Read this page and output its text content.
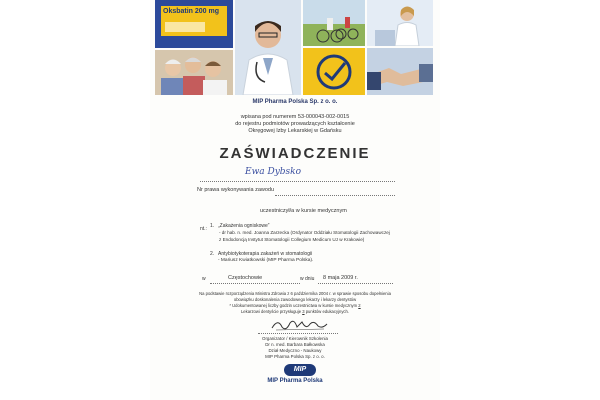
Oksbatin 200 mg
MIP Pharma Polska Sp. z o. o.
wpisana pod numerem 53-000043-002-0015
do rejestru podmiotów prowadzących kształcenie
Okręgowej Izby Lekarskiej w Gdańsku
ZAŚWIADCZENIE
Ewa Dybsko
Nr prawa wykonywania zawodu
uczestniczył/a w kursie medycznym
nt.: 1. „Zakażenia ogniskowe”
- dr hab. n. med. Joanna Zarzecka (Ordynator Oddziału Stomatologii Zachowawczej
z Endodoncją Instytut Stomatologii Collegium Medicum UJ w Krakowie)
2. Antybiotykoterapia zakażeń w stomatologii
- Mariusz Kwiatkowski (MIP Pharma Polska).
w	Częstochowie	w dniu 8 maja 2009 r.
Na podstawie rozporządzenia Ministra Zdrowia z 6 października 2004 r. w sprawie sposobu dopełnienia
obowiązku doskonalenia zawodowego lekarzy i lekarzy dentystów
* Udokumentowanej liczby godzin uczestnictwa w kursie medycznym 2
Lekarzowi dentyście przysługuje 3 punktów edukacyjnych.
Organizator / Kierownik Szkolenia
Dr n. med. Barbara Bałkowska
Dział Medyczno - Naukowy
MIP Pharma Polska Sp. z o. o.
MIP
MIP Pharma Polska
